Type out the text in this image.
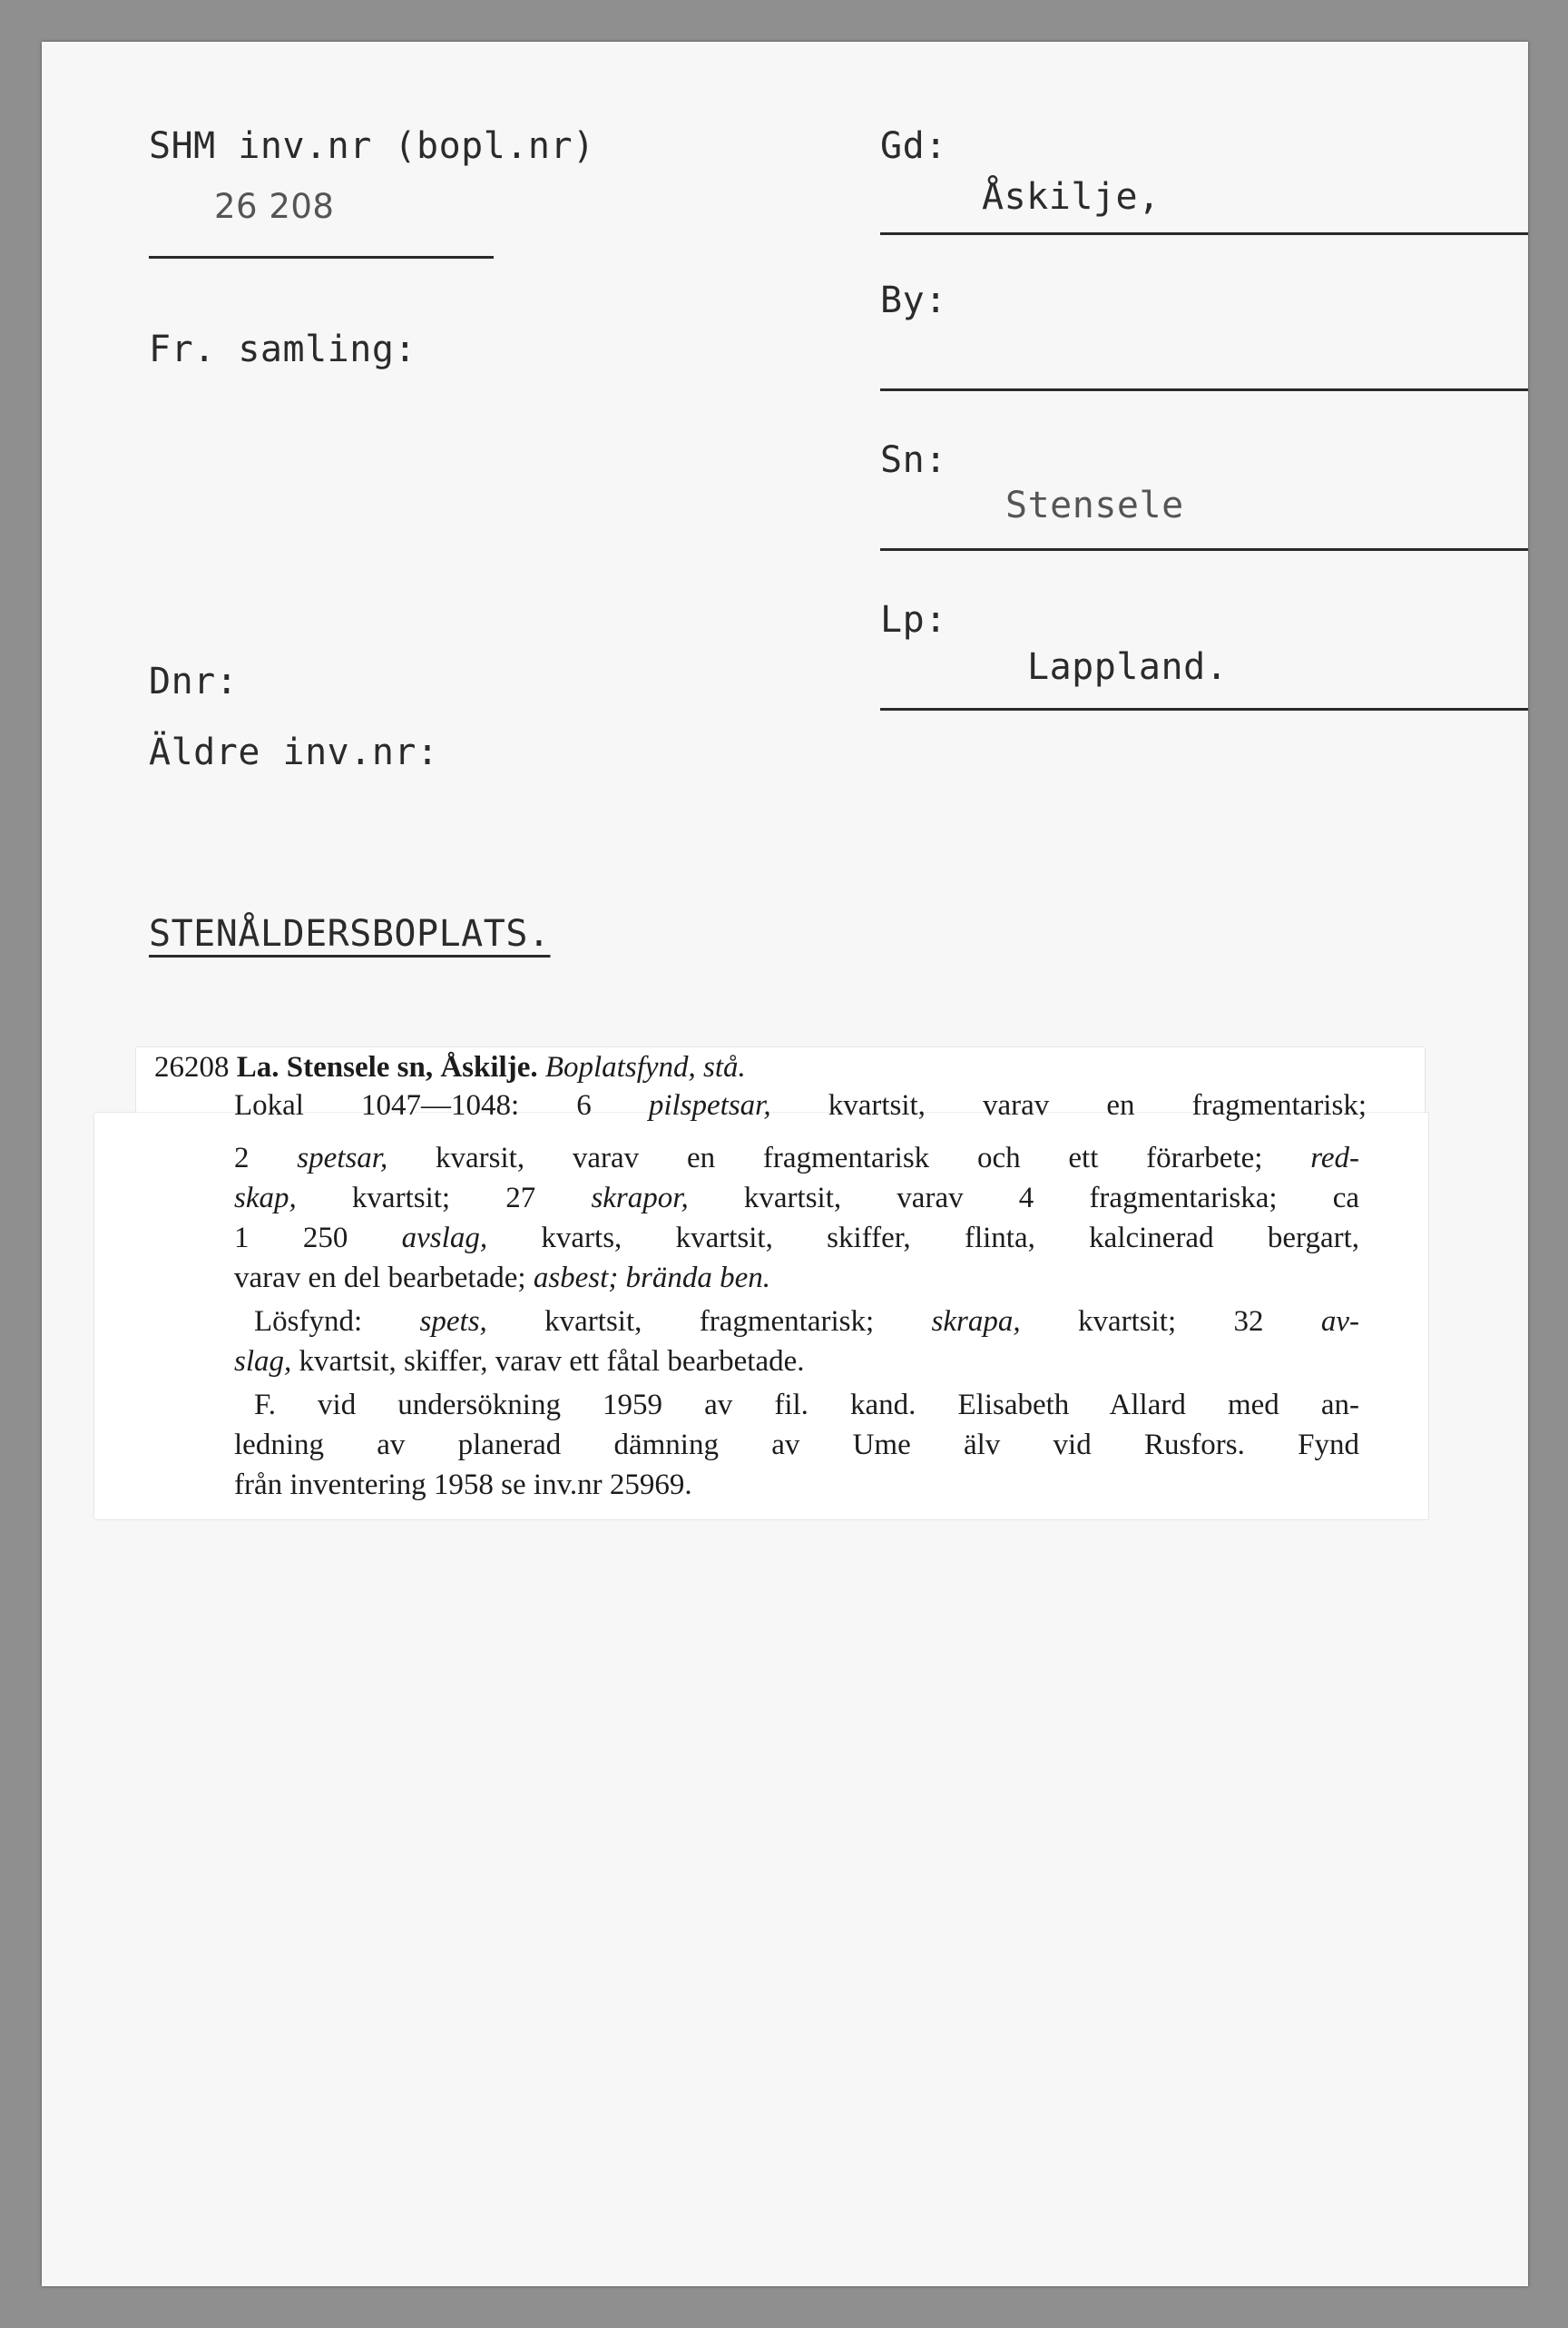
SHM inv.nr (bopl.nr)
26 208
Fr. samling:
Dnr:
Äldre inv.nr:
Gd:
Åskilje,
By:
Sn:
Stensele
Lp:
Lappland.
STENÅLDERSBOPLATS.
26208 La. Stensele sn, Åskilje. Boplatsfynd, stå.
Lokal 1047—1048: 6 pilspetsar, kvartsit, varav en fragmentarisk;
2 spetsar, kvarsit, varav en fragmentarisk och ett förarbete; red-
skap, kvartsit; 27 skrapor, kvartsit, varav 4 fragmentariska; ca
1 250 avslag, kvarts, kvartsit, skiffer, flinta, kalcinerad bergart,
varav en del bearbetade; asbest; brända ben.
Lösfynd: spets, kvartsit, fragmentarisk; skrapa, kvartsit; 32 av-
slag, kvartsit, skiffer, varav ett fåtal bearbetade.
F. vid undersökning 1959 av fil. kand. Elisabeth Allard med an-
ledning av planerad dämning av Ume älv vid Rusfors. Fynd
från inventering 1958 se inv.nr 25969.
